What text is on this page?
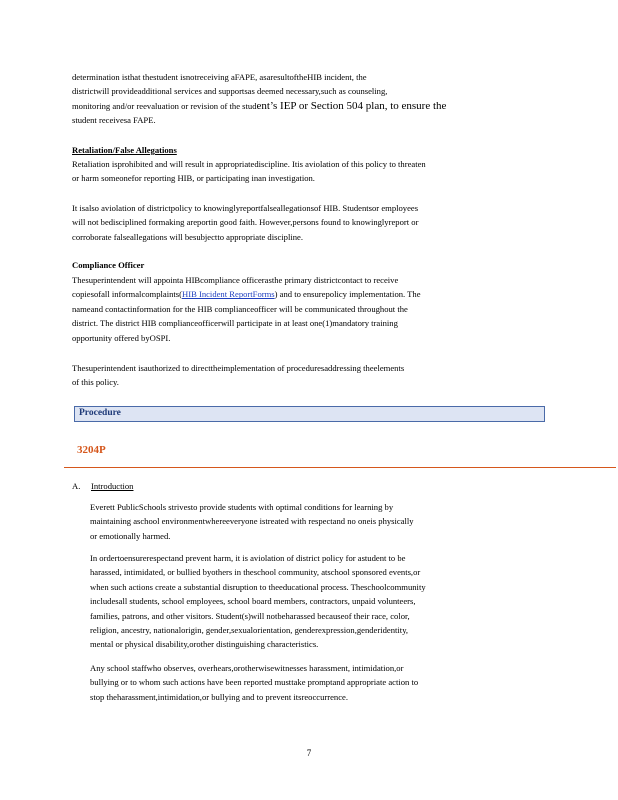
determination isthat thestudent isnotreceiving aFAPE, asaresultoftheHIB incident, the
districtwill provideadditional services and supportsas deemed necessary,such as counseling,
monitoring and/or reevaluation or revision of the student’s IEP or Section 504 plan, to ensure the
student receivesa FAPE.

Retaliation/False Allegations

Retaliation isprohibited and will result in appropriatediscipline. Itis aviolation of this policy to threaten
or harm someonefor reporting HIB, or participating inan investigation.

It isalso aviolation of districtpolicy to knowinglyreportfalseallegationsof HIB. Studentsor employees
will not bedisciplined formaking areportin good faith. However,persons found to knowinglyreport or
corroborate falseallegations will besubjectto appropriate discipline.

Compliance Officer

Thesuperintendent will appointa HIBcompliance officerasthe primary districtcontact to receive
copiesofall informalcomplaints(HIB Incident ReportForms) and to ensurepolicy implementation. The
nameand contactinformation for the HIB complianceofficer will be communicated throughout the
district. The district HIB complianceofficerwill participate in at least one(1)mandatory training
opportunity offered byOSPI.

Thesuperintendent isauthorized to directtheimplementation of proceduresaddressing theelements
of this policy.

Procedure
3204P
A. Introduction

Everett PublicSchools strivesto provide students with optimal conditions for learning by
maintaining aschool environmentwhereeveryone istreated with respectand no oneis physically
or emotionally harmed.

In ordertoensurerespectand prevent harm, it is aviolation of district policy for astudent to be
harassed, intimidated, or bullied byothers in theschool community, atschool sponsored events,or
when such actions create a substantial disruption to theeducational process. Theschoolcommunity
includesall students, school employees, school board members, contractors, unpaid volunteers,
families, patrons, and other visitors. Student(s)will notbeharassed becauseof their race, color,
religion, ancestry, nationalorigin, gender,sexualorientation, genderexpression,genderidentity,
mental or physical disability,orother distinguishing characteristics.

Any school staffwho observes, overhears,orotherwisewitnesses harassment, intimidation,or
bullying or to whom such actions have been reported musttake promptand appropriate action to
stop theharassment,intimidation,or bullying and to prevent itsreoccurrence.

7
